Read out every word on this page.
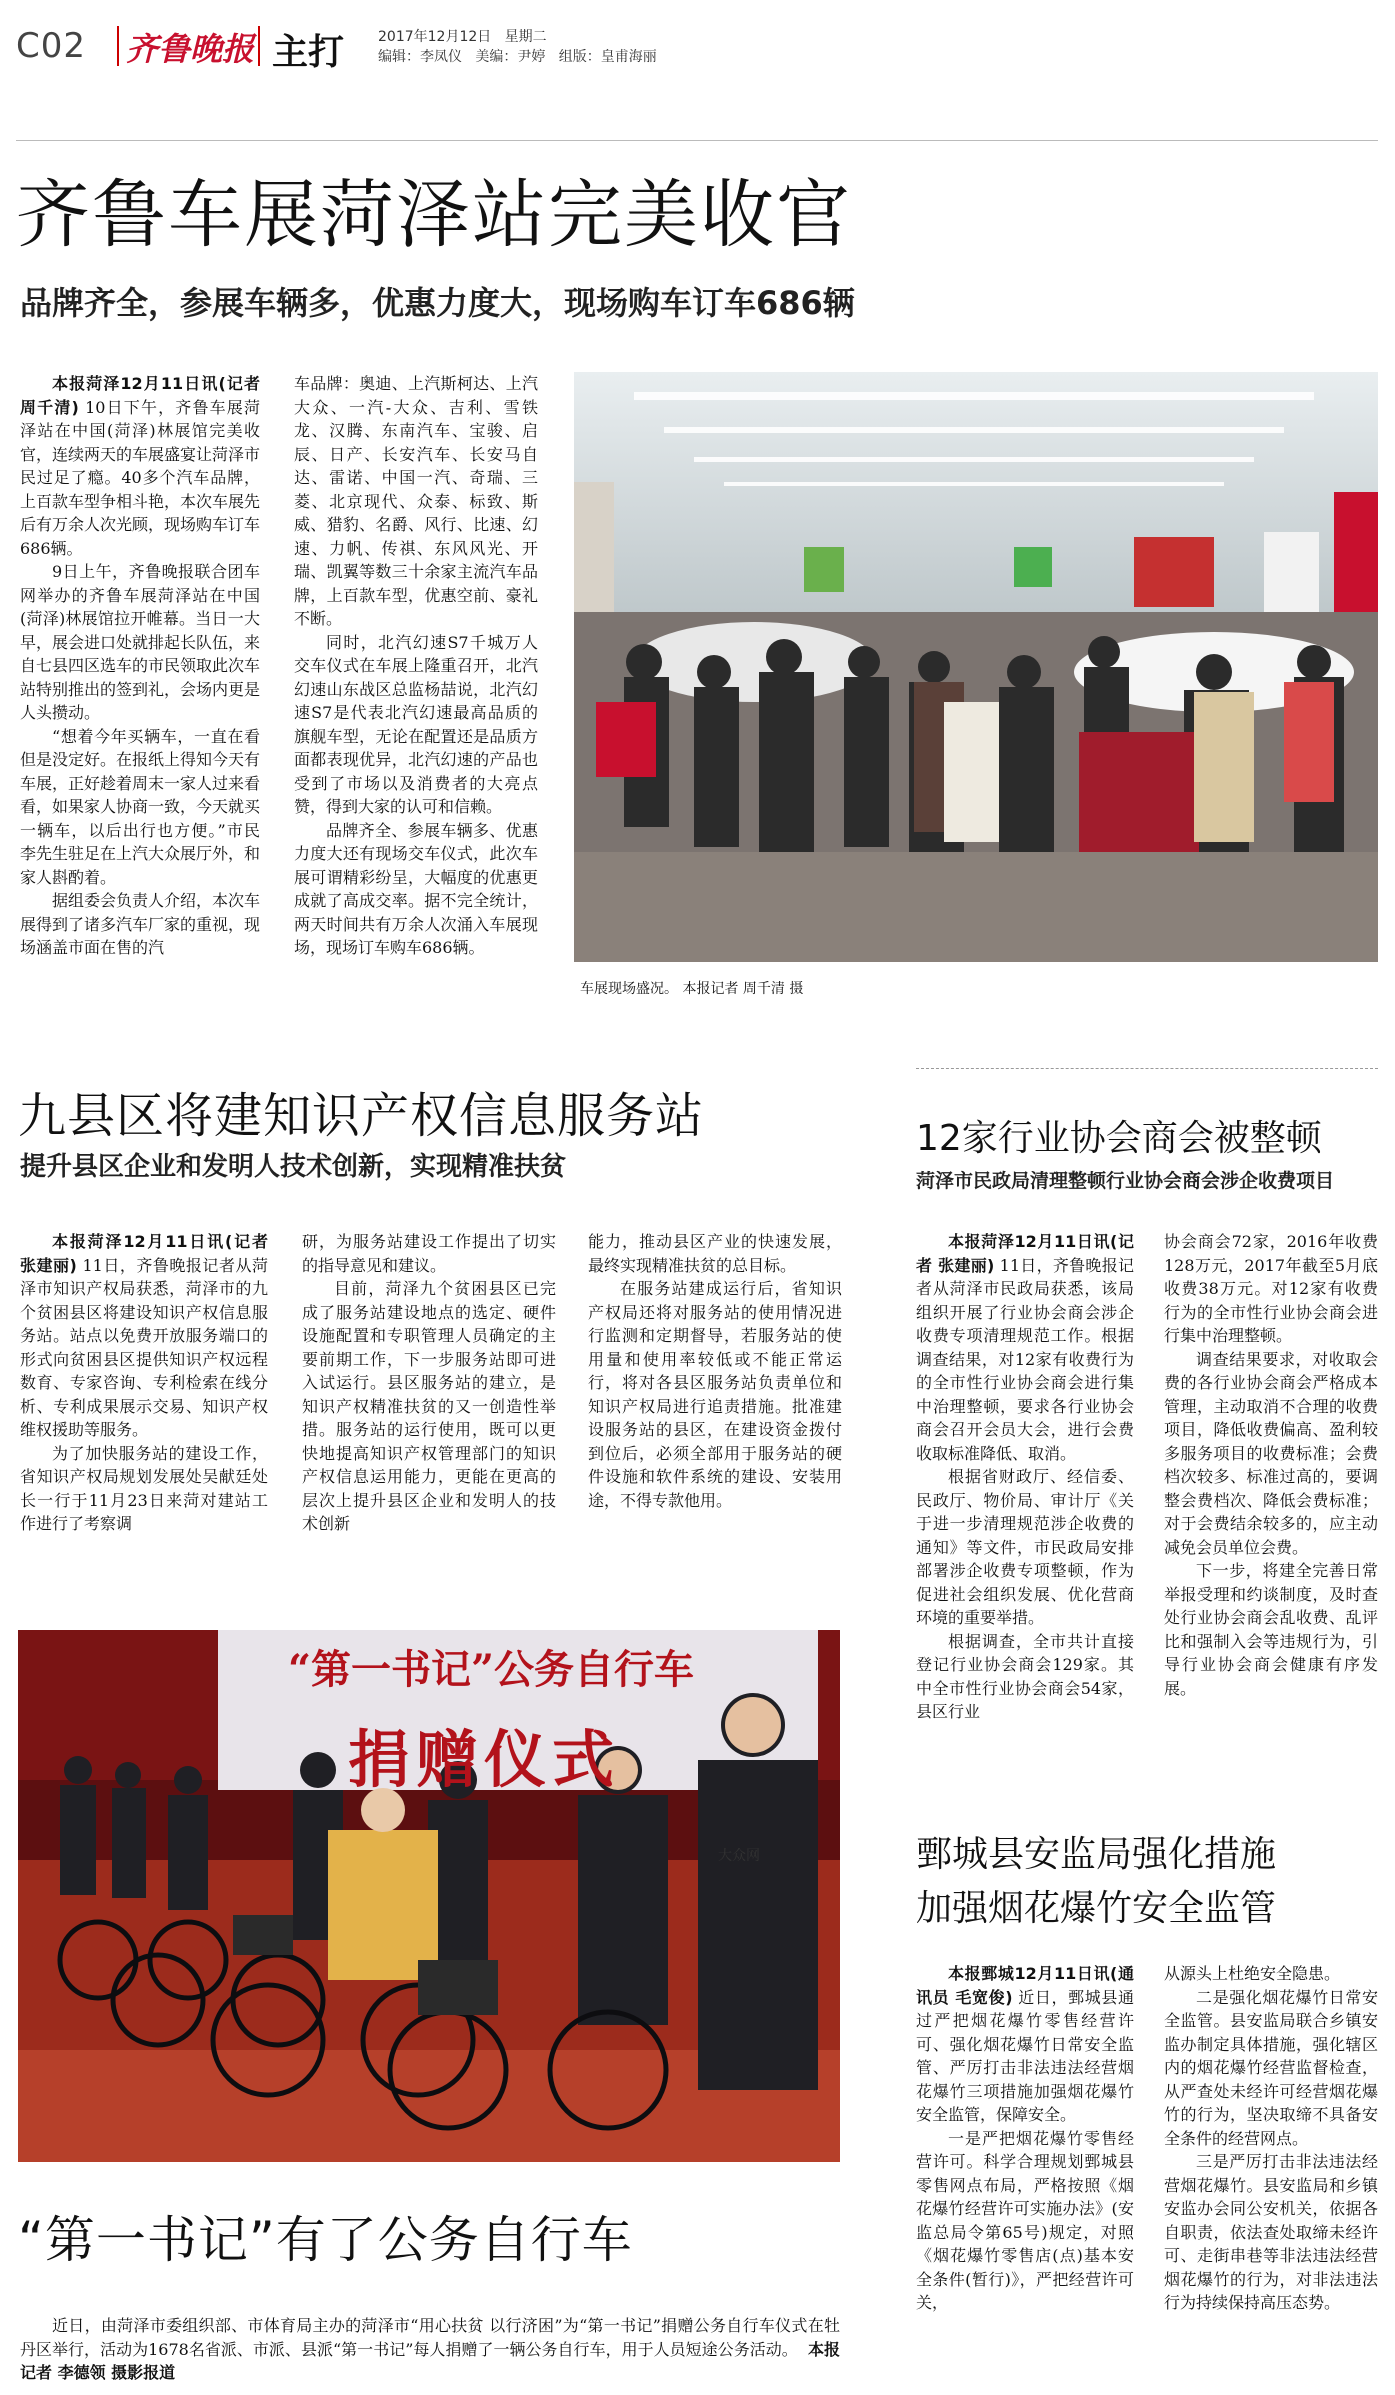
C02 齐鲁晚报 主打 2017年12月12日 星期二
编辑：李凤仪 美编：尹婷 组版：皇甫海丽
齐鲁车展菏泽站完美收官
品牌齐全，参展车辆多，优惠力度大，现场购车订车686辆

本报菏泽12月11日讯(记者 周千清) 10日下午，齐鲁车展菏泽站在中国(菏泽)林展馆完美收官，连续两天的车展盛宴让菏泽市民过足了瘾。40多个汽车品牌，上百款车型争相斗艳，本次车展先后有万余人次光顾，现场购车订车686辆。

9日上午，齐鲁晚报联合团车网举办的齐鲁车展菏泽站在中国(菏泽)林展馆拉开帷幕。当日一大早，展会进口处就排起长队伍，来自七县四区选车的市民领取此次车站特别推出的签到礼，会场内更是人头攒动。

“想着今年买辆车，一直在看但是没定好。在报纸上得知今天有车展，正好趁着周末一家人过来看看，如果家人协商一致，今天就买一辆车，以后出行也方便。”市民李先生驻足在上汽大众展厅外，和家人斟酌着。

据组委会负责人介绍，本次车展得到了诸多汽车厂家的重视，现场涵盖市面在售的汽

车品牌：奥迪、上汽斯柯达、上汽大众、一汽-大众、吉利、雪铁龙、汉腾、东南汽车、宝骏、启辰、日产、长安汽车、长安马自达、雷诺、中国一汽、奇瑞、三菱、北京现代、众泰、标致、斯威、猎豹、名爵、风行、比速、幻速、力帆、传祺、东风风光、开瑞、凯翼等数三十余家主流汽车品牌，上百款车型，优惠空前、豪礼不断。

同时，北汽幻速S7千城万人交车仪式在车展上隆重召开，北汽幻速山东战区总监杨喆说，北汽幻速S7是代表北汽幻速最高品质的旗舰车型，无论在配置还是品质方面都表现优异，北汽幻速的产品也受到了市场以及消费者的大亮点赞，得到大家的认可和信赖。

品牌齐全、参展车辆多、优惠力度大还有现场交车仪式，此次车展可谓精彩纷呈，大幅度的优惠更成就了高成交率。据不完全统计，两天时间共有万余人次涌入车展现场，现场订车购车686辆。

车展现场盛况。 本报记者 周千清 摄
九县区将建知识产权信息服务站
提升县区企业和发明人技术创新，实现精准扶贫

本报菏泽12月11日讯(记者 张建丽) 11日，齐鲁晚报记者从菏泽市知识产权局获悉，菏泽市的九个贫困县区将建设知识产权信息服务站。站点以免费开放服务端口的形式向贫困县区提供知识产权远程数育、专家咨询、专利检索在线分析、专利成果展示交易、知识产权维权援助等服务。

为了加快服务站的建设工作，省知识产权局规划发展处吴献廷处长一行于11月23日来菏对建站工作进行了考察调

研，为服务站建设工作提出了切实的指导意见和建议。

目前，菏泽九个贫困县区已完成了服务站建设地点的选定、硬件设施配置和专职管理人员确定的主要前期工作，下一步服务站即可进入试运行。县区服务站的建立，是知识产权精准扶贫的又一创造性举措。服务站的运行使用，既可以更快地提高知识产权管理部门的知识产权信息运用能力，更能在更高的层次上提升县区企业和发明人的技术创新

能力，推动县区产业的快速发展，最终实现精准扶贫的总目标。

在服务站建成运行后，省知识产权局还将对服务站的使用情况进行监测和定期督导，若服务站的使用量和使用率较低或不能正常运行，将对各县区服务站负责单位和知识产权局进行追责措施。批准建设服务站的县区，在建设资金拨付到位后，必须全部用于服务站的硬件设施和软件系统的建设、安装用途，不得专款他用。

“第一书记”公务自行车
捐赠仪式
大众网
“第一书记”有了公务自行车

近日，由菏泽市委组织部、市体育局主办的菏泽市“用心扶贫 以行济困”为“第一书记”捐赠公务自行车仪式在牡丹区举行，活动为1678名省派、市派、县派“第一书记”每人捐赠了一辆公务自行车，用于人员短途公务活动。 本报记者 李德领 摄影报道

12家行业协会商会被整顿
菏泽市民政局清理整顿行业协会商会涉企收费项目

本报菏泽12月11日讯(记者 张建丽) 11日，齐鲁晚报记者从菏泽市民政局获悉，该局组织开展了行业协会商会涉企收费专项清理规范工作。根据调查结果，对12家有收费行为的全市性行业协会商会进行集中治理整顿，要求各行业协会商会召开会员大会，进行会费收取标准降低、取消。

根据省财政厅、经信委、民政厅、物价局、审计厅《关于进一步清理规范涉企收费的通知》等文件，市民政局安排部署涉企收费专项整顿，作为促进社会组织发展、优化营商环境的重要举措。

根据调查，全市共计直接登记行业协会商会129家。其中全市性行业协会商会54家，县区行业

协会商会72家，2016年收费128万元，2017年截至5月底收费38万元。对12家有收费行为的全市性行业协会商会进行集中治理整顿。

调查结果要求，对收取会费的各行业协会商会严格成本管理，主动取消不合理的收费项目，降低收费偏高、盈利较多服务项目的收费标准；会费档次较多、标准过高的，要调整会费档次、降低会费标准；对于会费结余较多的，应主动减免会员单位会费。

下一步，将建全完善日常举报受理和约谈制度，及时查处行业协会商会乱收费、乱评比和强制入会等违规行为，引导行业协会商会健康有序发展。

鄄城县安监局强化措施
加强烟花爆竹安全监管

本报鄄城12月11日讯(通讯员 毛宽俊) 近日，鄄城县通过严把烟花爆竹零售经营许可、强化烟花爆竹日常安全监管、严厉打击非法违法经营烟花爆竹三项措施加强烟花爆竹安全监管，保障安全。

一是严把烟花爆竹零售经营许可。科学合理规划鄄城县零售网点布局，严格按照《烟花爆竹经营许可实施办法》(安监总局令第65号)规定，对照《烟花爆竹零售店(点)基本安全条件(暂行)》，严把经营许可关，

从源头上杜绝安全隐患。

二是强化烟花爆竹日常安全监管。县安监局联合乡镇安监办制定具体措施，强化辖区内的烟花爆竹经营监督检查，从严查处未经许可经营烟花爆竹的行为，坚决取缔不具备安全条件的经营网点。

三是严厉打击非法违法经营烟花爆竹。县安监局和乡镇安监办会同公安机关，依据各自职责，依法查处取缔未经许可、走街串巷等非法违法经营烟花爆竹的行为，对非法违法行为持续保持高压态势。
